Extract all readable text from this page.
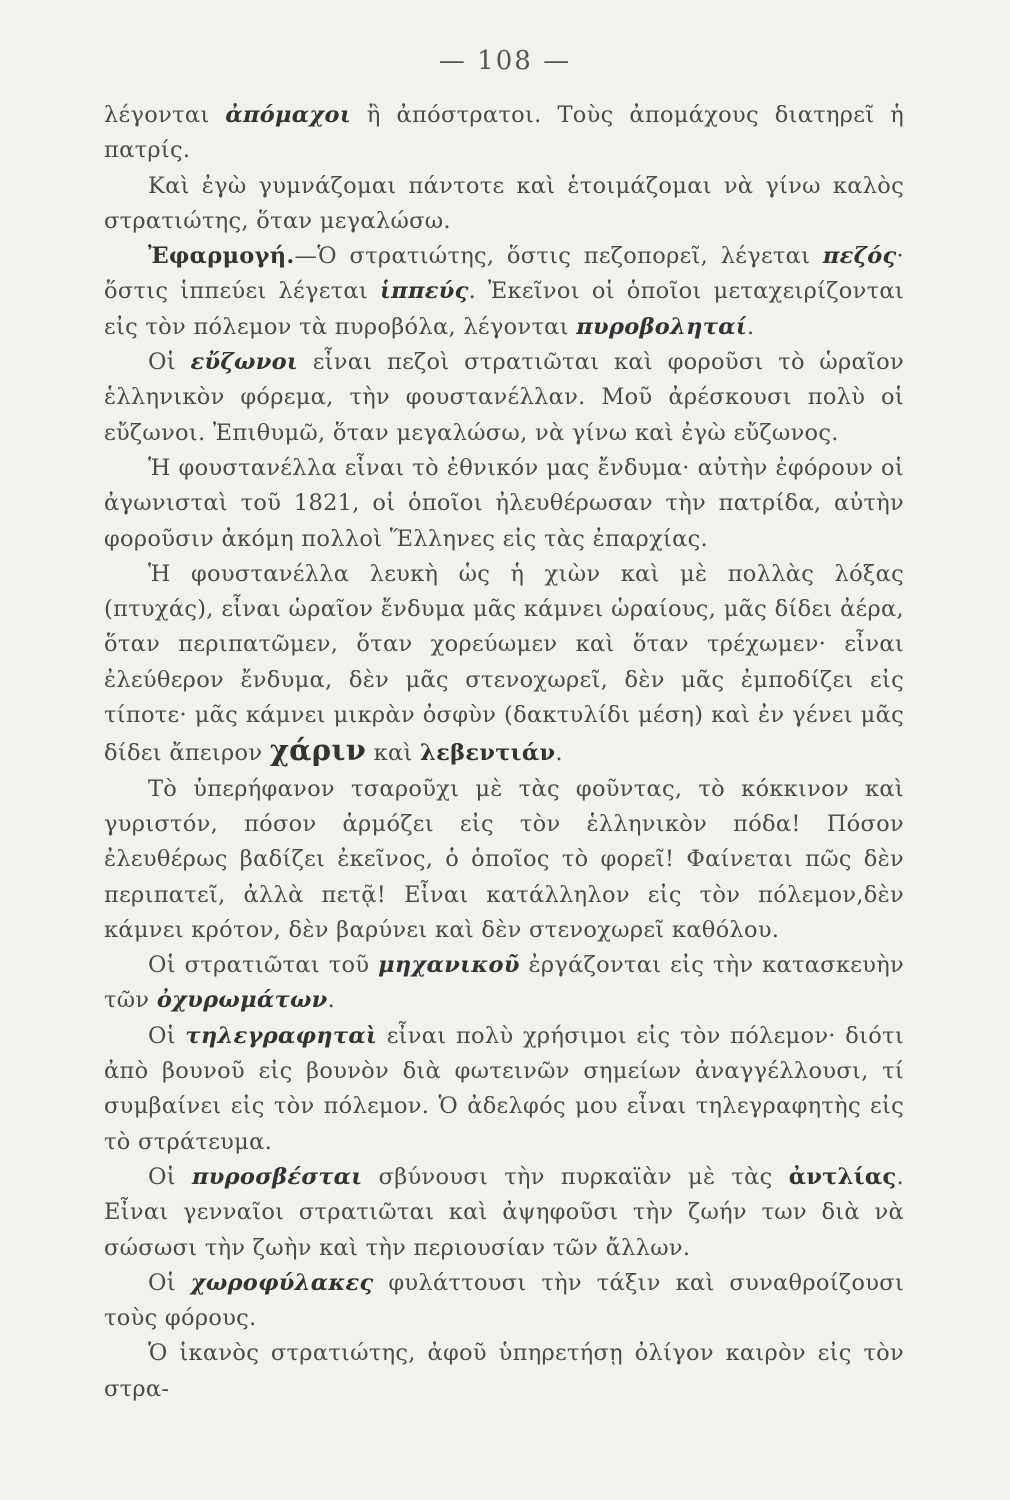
— 108 —

λέγονται ἀπόμαχοι ἢ ἀπόστρατοι. Τοὺς ἀπομάχους διατηρεῖ ἡ πατρίς.

Καὶ ἐγὼ γυμνάζομαι πάντοτε καὶ ἑτοιμάζομαι νὰ γίνω καλὸς στρατιώτης, ὅταν μεγαλώσω.

Ἐφαρμογή.—Ὁ στρατιώτης, ὅστις πεζοπορεῖ, λέγεται πεζός· ὅστις ἱππεύει λέγεται ἱππεύς. Ἐκεῖνοι οἱ ὁποῖοι μεταχειρίζονται εἰς τὸν πόλεμον τὰ πυροβόλα, λέγονται πυροβοληταί.

Οἱ εὔζωνοι εἶναι πεζοὶ στρατιῶται καὶ φοροῦσι τὸ ὡραῖον ἑλληνικὸν φόρεμα, τὴν φουστανέλλαν. Μοῦ ἀρέσκουσι πολὺ οἱ εὔζωνοι. Ἐπιθυμῶ, ὅταν μεγαλώσω, νὰ γίνω καὶ ἐγὼ εὔζωνος.

Ἡ φουστανέλλα εἶναι τὸ ἐθνικόν μας ἔνδυμα· αὐτὴν ἐφόρουν οἱ ἀγωνισταὶ τοῦ 1821, οἱ ὁποῖοι ἠλευθέρωσαν τὴν πατρίδα, αὐτὴν φοροῦσιν ἀκόμη πολλοὶ Ἕλληνες εἰς τὰς ἐπαρχίας.

Ἡ φουστανέλλα λευκὴ ὡς ἡ χιὼν καὶ μὲ πολλὰς λόξας (πτυχάς), εἶναι ὡραῖον ἔνδυμα μᾶς κάμνει ὡραίους, μᾶς δίδει ἀέρα, ὅταν περιπατῶμεν, ὅταν χορεύωμεν καὶ ὅταν τρέχωμεν· εἶναι ἐλεύθερον ἔνδυμα, δὲν μᾶς στενοχωρεῖ, δὲν μᾶς ἐμποδίζει εἰς τίποτε· μᾶς κάμνει μικρὰν ὀσφὺν (δακτυλίδι μέση) καὶ ἐν γένει μᾶς δίδει ἄπειρον χάριν καὶ λεβεντιάν.

Τὸ ὑπερήφανον τσαροῦχι μὲ τὰς φοῦντας, τὸ κόκκινον καὶ γυριστόν, πόσον ἁρμόζει εἰς τὸν ἑλληνικὸν πόδα! Πόσον ἐλευθέρως βαδίζει ἐκεῖνος, ὁ ὁποῖος τὸ φορεῖ! Φαίνεται πῶς δὲν περιπατεῖ, ἀλλὰ πετᾷ! Εἶναι κατάλληλον εἰς τὸν πόλεμον,δὲν κάμνει κρότον, δὲν βαρύνει καὶ δὲν στενοχωρεῖ καθόλου.

Οἱ στρατιῶται τοῦ μηχανικοῦ ἐργάζονται εἰς τὴν κατασκευὴν τῶν ὀχυρωμάτων.

Οἱ τηλεγραφηταὶ εἶναι πολὺ χρήσιμοι εἰς τὸν πόλεμον· διότι ἀπὸ βουνοῦ εἰς βουνὸν διὰ φωτεινῶν σημείων ἀναγγέλλουσι, τί συμβαίνει εἰς τὸν πόλεμον. Ὁ ἀδελφός μου εἶναι τηλεγραφητὴς εἰς τὸ στράτευμα.

Οἱ πυροσβέσται σβύνουσι τὴν πυρκαϊὰν μὲ τὰς ἀντλίας. Εἶναι γενναῖοι στρατιῶται καὶ ἀψηφοῦσι τὴν ζωήν των διὰ νὰ σώσωσι τὴν ζωὴν καὶ τὴν περιουσίαν τῶν ἄλλων.

Οἱ χωροφύλακες φυλάττουσι τὴν τάξιν καὶ συναθροίζουσι τοὺς φόρους.

Ὁ ἱκανὸς στρατιώτης, ἀφοῦ ὑπηρετήσῃ ὀλίγον καιρὸν εἰς τὸν στρα-
